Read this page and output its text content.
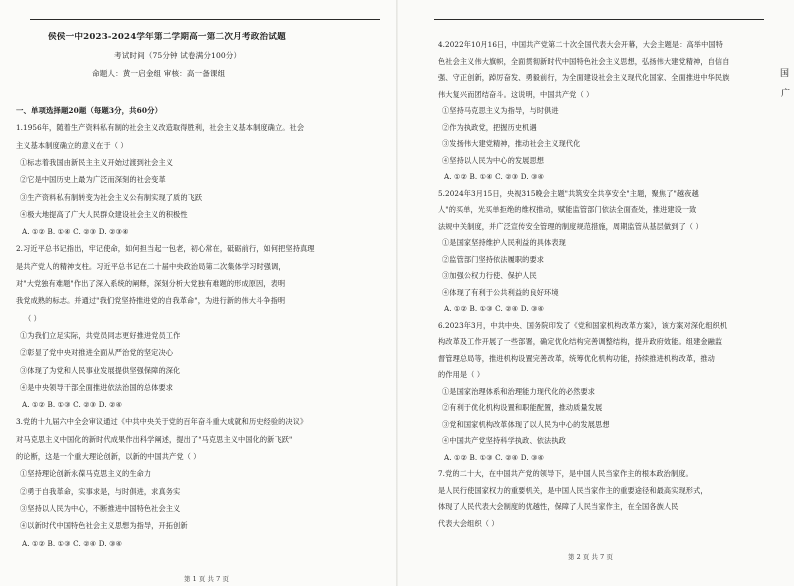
侯侯一中2023-2024学年第二学期高一第二次月考政治试题
考试时间（75分钟 试卷满分100分）
命题人：黄一启金组 审核：高一备课组
一、单项选择题20题（每题3分，共60分）
1.1956年，随着生产资料私有制的社会主义改造取得胜利，社会主义基本制度确立。社会
主义基本制度确立的意义在于（ ）
①标志着我国由新民主主义开始过渡到社会主义
②它是中国历史上最为广泛而深刻的社会变革
③生产资料私有制转变为社会主义公有制实现了质的飞跃
④极大地提高了广大人民群众建设社会主义的积极性
A. ①② B. ①④ C. ②③ D. ②③④
2.习近平总书记指出，牢记使命，如何担当起一包老，初心常在，砥砺前行，如何把坚持真理
是共产党人的精神支柱。习近平总书记在二十届中央政治局第二次集体学习时强调，
对"大党独有难题"作出了深入系统的阐释，深刻分析大党独有难题的形成原因，表明
我党成熟的标志。并通过"我们党坚持推进党的自我革命"，为进行新的伟大斗争指明
（ ）
①为我们立足实际，共党员同志更好推进党员工作
②彰显了党中央对推进全面从严治党的坚定决心
③体现了为党和人民事业发展提供坚强保障的深化
④是中央领导干部全面推进依法治国的总体要求
A. ①② B. ①③ C. ②③ D. ②④
3.党的十九届六中全会审议通过《中共中央关于党的百年奋斗重大成就和历史经验的决议》
对马克思主义中国化的新时代成果作出科学阐述，提出了"马克思主义中国化的新飞跃"
的论断，这是一个重大理论创新，以新的中国共产党（ ）
①坚持理论创新永葆马克思主义的生命力
②勇于自我革命，实事求是，与时俱进，求真务实
③坚持以人民为中心，不断推进中国特色社会主义
④以新时代中国特色社会主义思想为指导，开拓创新
A. ①② B. ①③ C. ②④ D. ③④
第 1 页 共 7 页
4.2022年10月16日，中国共产党第二十次全国代表大会开幕，大会主题是：高举中国特
色社会主义伟大旗帜，全面贯彻新时代中国特色社会主义思想，弘扬伟大建党精神，自信自
强、守正创新，踔厉奋发、勇毅前行，为全面建设社会主义现代化国家、全面推进中华民族
伟大复兴而团结奋斗。这说明，中国共产党（ ）
①坚持马克思主义为指导，与时俱进
②作为执政党，把握历史机遇
③发扬伟大建党精神，推动社会主义现代化
④坚持以人民为中心的发展思想
A. ①② B. ①④ C. ②③ D. ③④
5.2024年3月15日，央视315晚会主题"共筑安全共享安全"主题，聚焦了"越夜越
人"的买单，光买单拒绝的维权推动，赋能监管部门依法全面查处，推进建设一致
法规中关制度，并广泛宣传安全管理的制度规范措施，周期监管从基层做到了（ ）
①是国家坚持维护人民利益的具体表现
②监管部门坚持依法履职的要求
③加强公权力行使、保护人民
④体现了有利于公共利益的良好环境
A. ①② B. ①③ C. ②④ D. ③④
6.2023年3月，中共中央、国务院印发了《党和国家机构改革方案》，该方案对深化组织机
构改革及工作开展了一些部署，确定优化结构完善调整结构，提升政府效能。组建金融监
督管理总局等，推进机构设置完善改革，统筹优化机构功能，持续推进机构改革，推动
的作用是（ ）
①是国家治理体系和治理能力现代化的必然要求
②有利于优化机构设置和职能配置，推动质量发展
③党和国家机构改革体现了以人民为中心的发展思想
④中国共产党坚持科学执政、依法执政
A. ①② B. ①③ C. ②④ D. ③④
7.党的二十大，在中国共产党的领导下，是中国人民当家作主的根本政治制度。
是人民行使国家权力的重要机关，是中国人民当家作主的重要途径和最高实现形式，
体现了人民代表大会制度的优越性，保障了人民当家作主，在全国各族人民
代表大会组织（ ）
第 2 页 共 7 页
国
广
